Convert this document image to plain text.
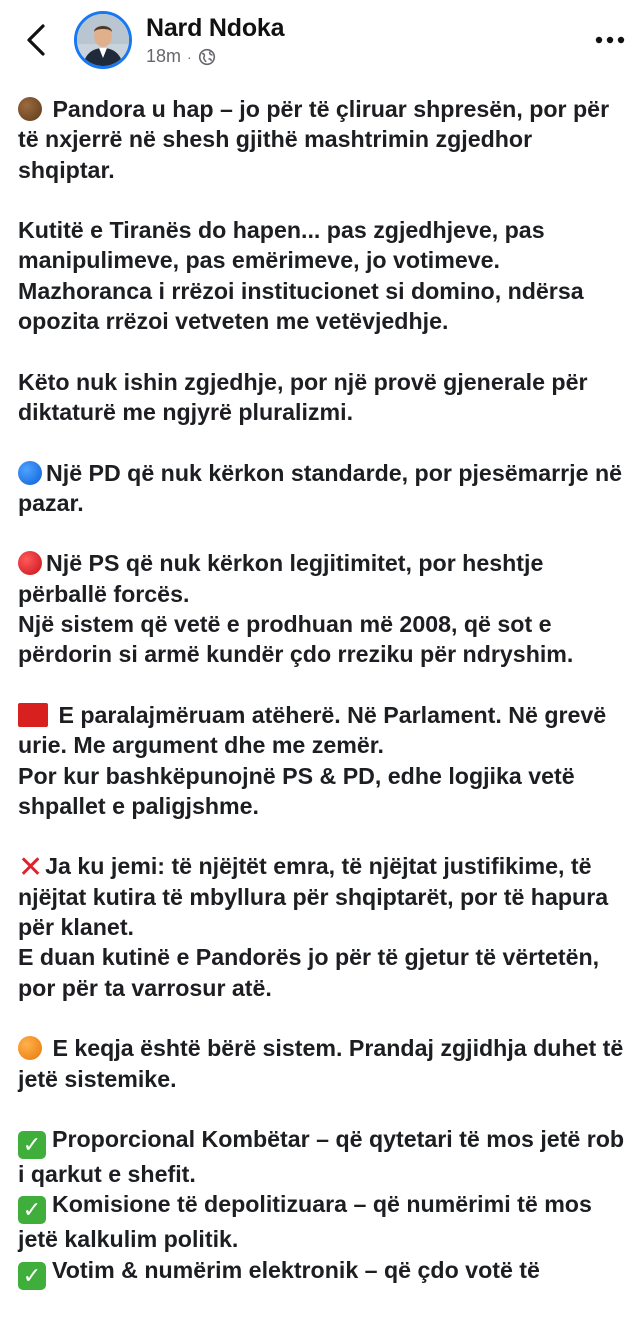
Nard Ndoka
18m ·

Pandora u hap – jo për të çliruar shpresën, por për të nxjerrë në shesh gjithë mashtrimin zgjedhor shqiptar.

Kutitë e Tiranës do hapen... pas zgjedhjeve, pas manipulimeve, pas emërimeve, jo votimeve. Mazhoranca i rrëzoi institucionet si domino, ndërsa opozita rrëzoi vetveten me vetëvjedhje.

Këto nuk ishin zgjedhje, por një provë gjenerale për diktaturë me ngjyrë pluralizmi.

Një PD që nuk kërkon standarde, por pjesëmarrje në pazar.

Një PS që nuk kërkon legjitimitet, por heshtje përballë forcës.
Një sistem që vetë e prodhuan më 2008, që sot e përdorin si armë kundër çdo rreziku për ndryshim.

E paralajmëruam atëherë. Në Parlament. Në grevë urie. Me argument dhe me zemër.
Por kur bashkëpunojnë PS & PD, edhe logjika vetë shpallet e paligjshme.

✕Ja ku jemi: të njëjtët emra, të njëjtat justifikime, të njëjtat kutira të mbyllura për shqiptarët, por të hapura për klanet.
E duan kutinë e Pandorës jo për të gjetur të vërtetën, por për ta varrosur atë.

E keqja është bërë sistem. Prandaj zgjidhja duhet të jetë sistemike.

✓ Proporcional Kombëtar – që qytetari të mos jetë rob i qarkut e shefit.
✓ Komisione të depolitizuara – që numërimi të mos jetë kalkulim politik.
✓ Votim & numërim elektronik – që çdo votë të
